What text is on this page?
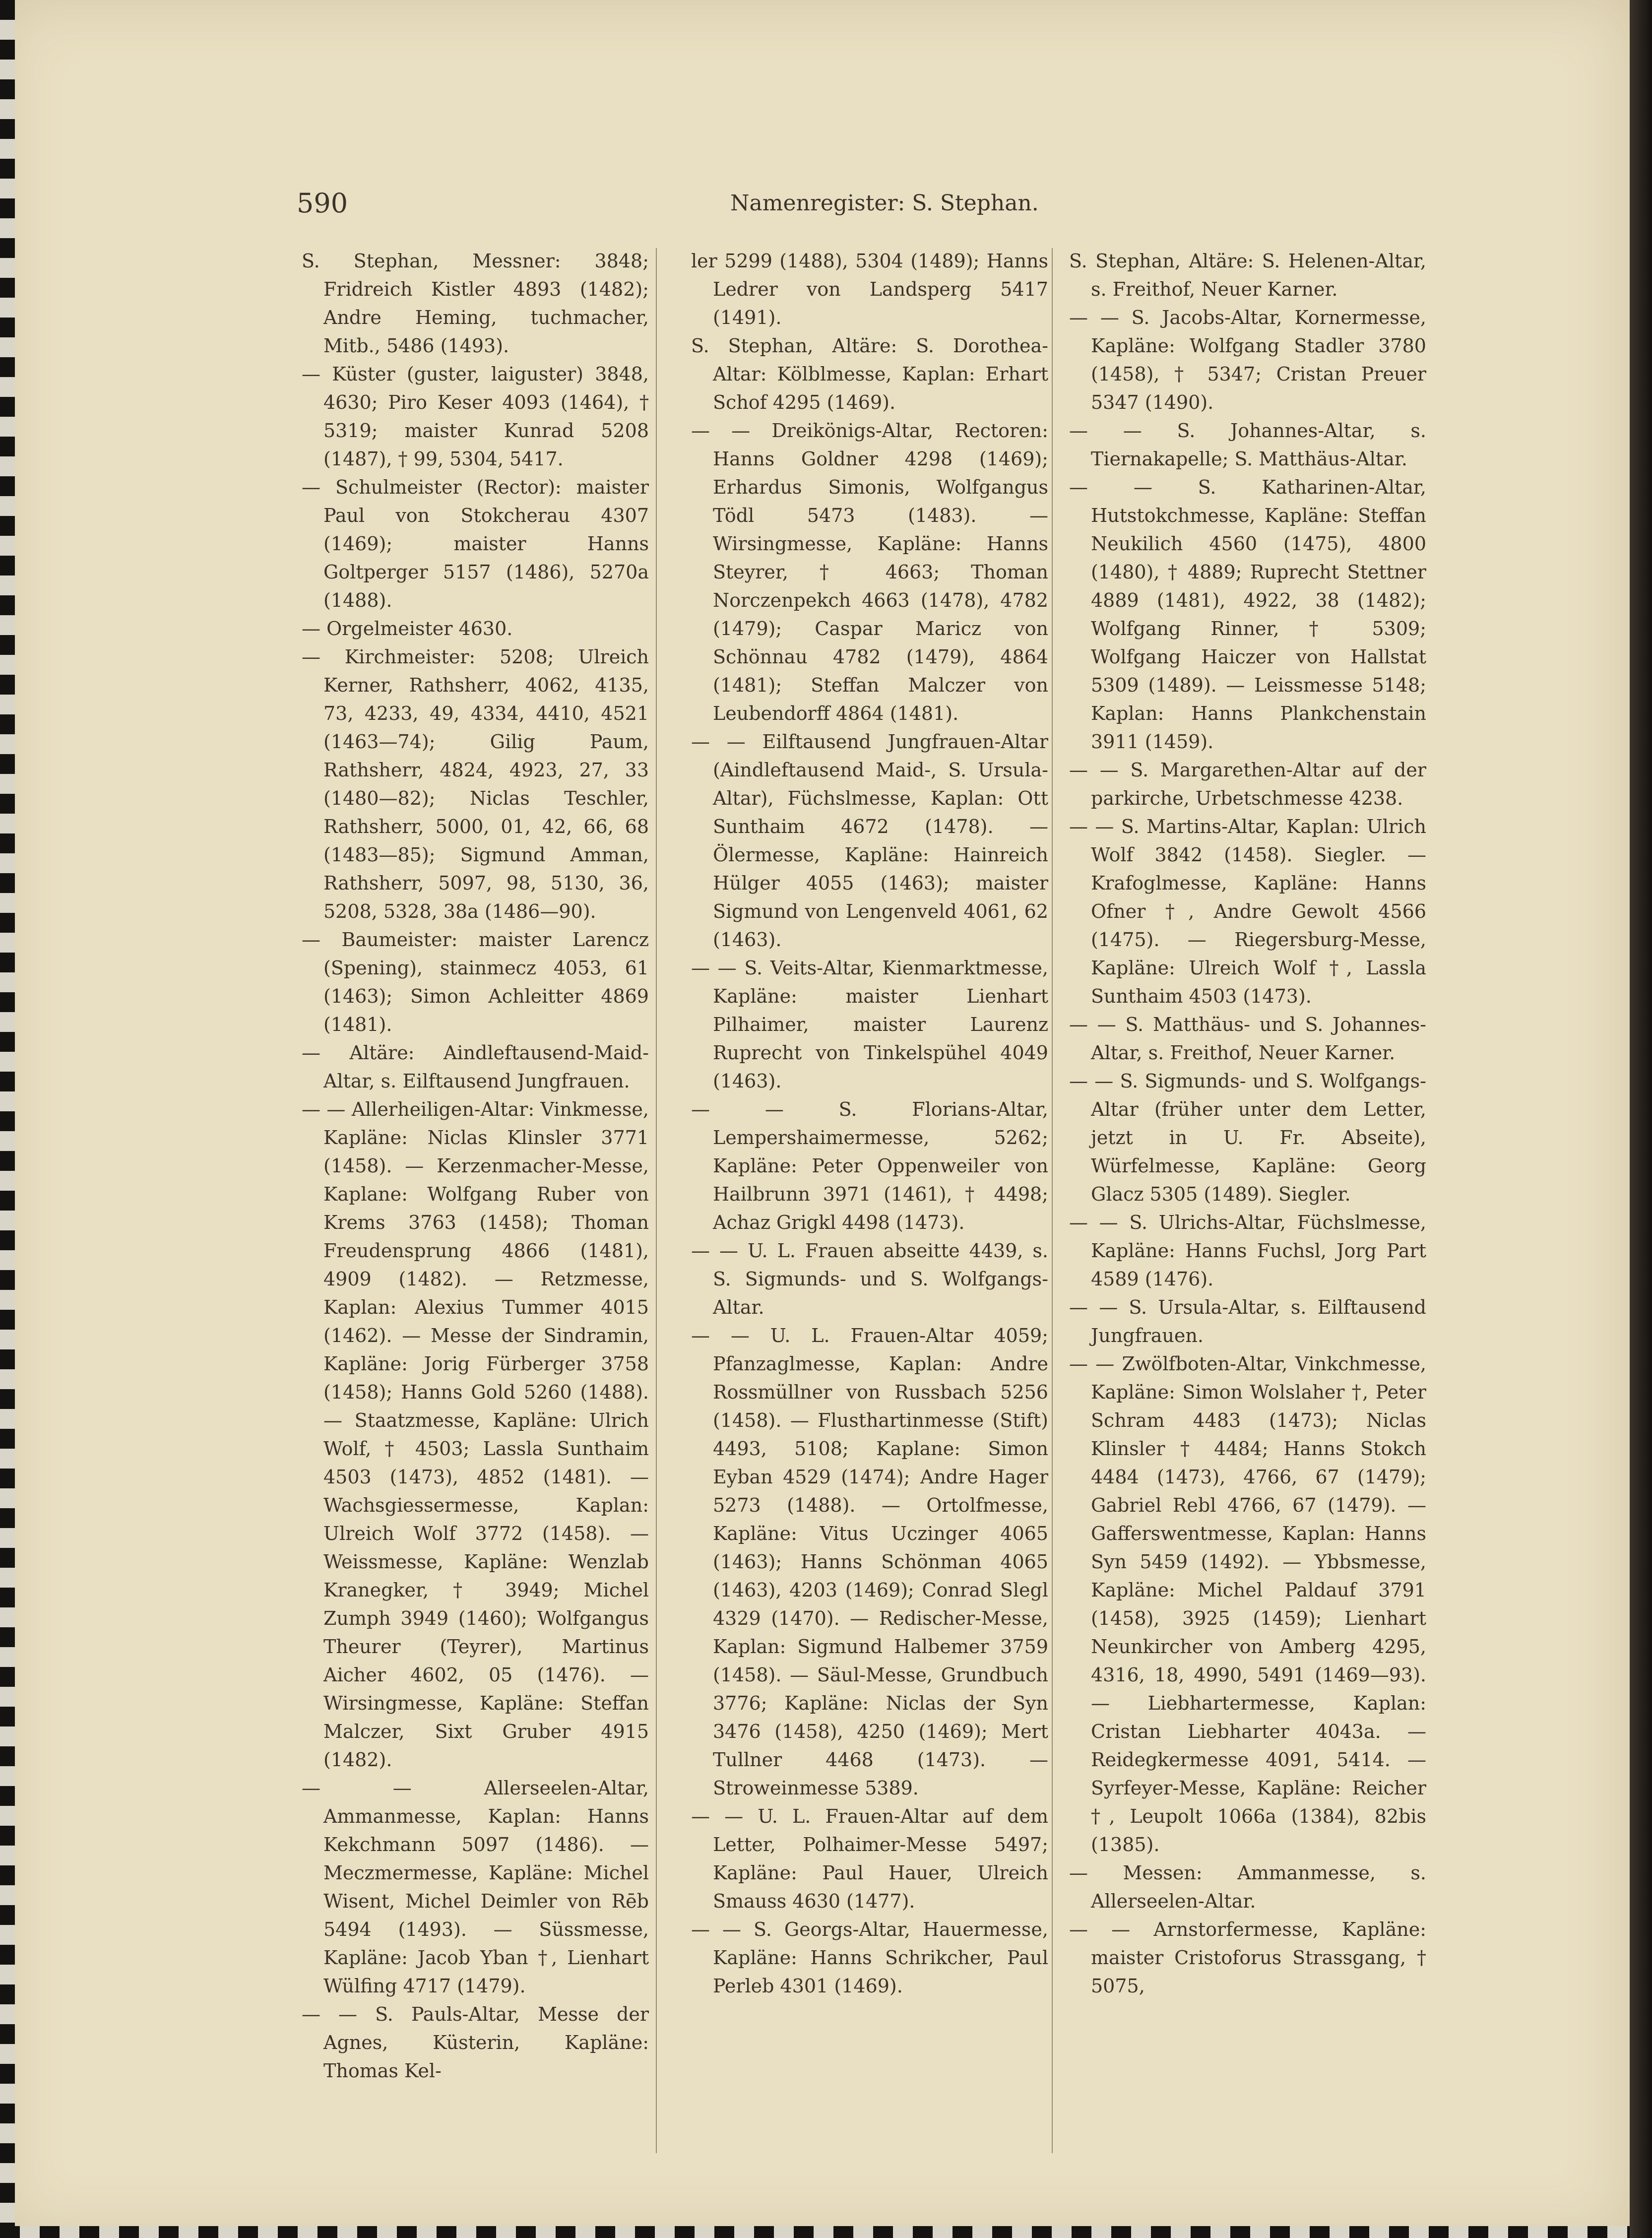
590	Namenregister: S. Stephan.

S. Stephan, Messner: 3848; Fridreich Kistler 4893 (1482); Andre Heming, tuchmacher, Mitb., 5486 (1493).

— Küster (guster, laiguster) 3848, 4630; Piro Keser 4093 (1464), † 5319; maister Kunrad 5208 (1487), † 99, 5304, 5417.

— Schulmeister (Rector): maister Paul von Stokcherau 4307 (1469); maister Hanns Goltperger 5157 (1486), 5270a (1488).

— Orgelmeister 4630.

— Kirchmeister: 5208; Ulreich Kerner, Rathsherr, 4062, 4135, 73, 4233, 49, 4334, 4410, 4521 (1463—74); Gilig Paum, Rathsherr, 4824, 4923, 27, 33 (1480—82); Niclas Teschler, Rathsherr, 5000, 01, 42, 66, 68 (1483—85); Sigmund Amman, Rathsherr, 5097, 98, 5130, 36, 5208, 5328, 38a (1486—90).

— Baumeister: maister Larencz (Spening), stainmecz 4053, 61 (1463); Simon Achleitter 4869 (1481).

— Altäre: Aindleftausend-Maid-Altar, s. Eilftausend Jungfrauen.

— — Allerheiligen-Altar: Vinkmesse, Kapläne: Niclas Klinsler 3771 (1458). — Kerzenmacher-Messe, Kaplane: Wolfgang Ruber von Krems 3763 (1458); Thoman Freudensprung 4866 (1481), 4909 (1482). — Retzmesse, Kaplan: Alexius Tummer 4015 (1462). — Messe der Sindramin, Kapläne: Jorig Fürberger 3758 (1458); Hanns Gold 5260 (1488). — Staatzmesse, Kapläne: Ulrich Wolf, † 4503; Lassla Sunthaim 4503 (1473), 4852 (1481). — Wachsgiessermesse, Kaplan: Ulreich Wolf 3772 (1458). — Weissmesse, Kapläne: Wenzlab Kranegker, † 3949; Michel Zumph 3949 (1460); Wolfgangus Theurer (Teyrer), Martinus Aicher 4602, 05 (1476). — Wirsingmesse, Kapläne: Steffan Malczer, Sixt Gruber 4915 (1482).

— — Allerseelen-Altar, Ammanmesse, Kaplan: Hanns Kekchmann 5097 (1486). — Meczmermesse, Kapläne: Michel Wisent, Michel Deimler von Rēb 5494 (1493). — Süssmesse, Kapläne: Jacob Yban †, Lienhart Wülfing 4717 (1479).

— — S. Pauls-Altar, Messe der Agnes, Küsterin, Kapläne: Thomas Kel-

ler 5299 (1488), 5304 (1489); Hanns Ledrer von Landsperg 5417 (1491).

S. Stephan, Altäre: S. Dorothea-Altar: Kölblmesse, Kaplan: Erhart Schof 4295 (1469).

— — Dreikönigs-Altar, Rectoren: Hanns Goldner 4298 (1469); Erhardus Simonis, Wolfgangus Tödl 5473 (1483). — Wirsingmesse, Kapläne: Hanns Steyrer, † 4663; Thoman Norczenpekch 4663 (1478), 4782 (1479); Caspar Maricz von Schönnau 4782 (1479), 4864 (1481); Steffan Malczer von Leubendorff 4864 (1481).

— — Eilftausend Jungfrauen-Altar (Aindleftausend Maid-, S. Ursula-Altar), Füchslmesse, Kaplan: Ott Sunthaim 4672 (1478). — Ölermesse, Kapläne: Hainreich Hülger 4055 (1463); maister Sigmund von Lengenveld 4061, 62 (1463).

— — S. Veits-Altar, Kienmarktmesse, Kapläne: maister Lienhart Pilhaimer, maister Laurenz Ruprecht von Tinkelspühel 4049 (1463).

— — S. Florians-Altar, Lempershaimermesse, 5262; Kapläne: Peter Oppenweiler von Hailbrunn 3971 (1461), † 4498; Achaz Grigkl 4498 (1473).

— — U. L. Frauen abseitte 4439, s. S. Sigmunds- und S. Wolfgangs-Altar.

— — U. L. Frauen-Altar 4059; Pfanzaglmesse, Kaplan: Andre Rossmüllner von Russbach 5256 (1458). — Flusthartinmesse (Stift) 4493, 5108; Kaplane: Simon Eyban 4529 (1474); Andre Hager 5273 (1488). — Ortolfmesse, Kapläne: Vitus Uczinger 4065 (1463); Hanns Schönman 4065 (1463), 4203 (1469); Conrad Slegl 4329 (1470). — Redischer-Messe, Kaplan: Sigmund Halbemer 3759 (1458). — Säul-Messe, Grundbuch 3776; Kapläne: Niclas der Syn 3476 (1458), 4250 (1469); Mert Tullner 4468 (1473). — Stroweinmesse 5389.

— — U. L. Frauen-Altar auf dem Letter, Polhaimer-Messe 5497; Kapläne: Paul Hauer, Ulreich Smauss 4630 (1477).

— — S. Georgs-Altar, Hauermesse, Kapläne: Hanns Schrikcher, Paul Perleb 4301 (1469).

S. Stephan, Altäre: S. Helenen-Altar, s. Freithof, Neuer Karner.

— — S. Jacobs-Altar, Kornermesse, Kapläne: Wolfgang Stadler 3780 (1458), † 5347; Cristan Preuer 5347 (1490).

— — S. Johannes-Altar, s. Tiernakapelle; S. Matthäus-Altar.

— — S. Katharinen-Altar, Hutstokchmesse, Kapläne: Steffan Neukilich 4560 (1475), 4800 (1480), † 4889; Ruprecht Stettner 4889 (1481), 4922, 38 (1482); Wolfgang Rinner, † 5309; Wolfgang Haiczer von Hallstat 5309 (1489). — Leissmesse 5148; Kaplan: Hanns Plankchenstain 3911 (1459).

— — S. Margarethen-Altar auf der parkirche, Urbetschmesse 4238.

— — S. Martins-Altar, Kaplan: Ulrich Wolf 3842 (1458). Siegler. — Krafoglmesse, Kapläne: Hanns Ofner †, Andre Gewolt 4566 (1475). — Riegersburg-Messe, Kapläne: Ulreich Wolf †, Lassla Sunthaim 4503 (1473).

— — S. Matthäus- und S. Johannes-Altar, s. Freithof, Neuer Karner.

— — S. Sigmunds- und S. Wolfgangs-Altar (früher unter dem Letter, jetzt in U. Fr. Abseite), Würfelmesse, Kapläne: Georg Glacz 5305 (1489). Siegler.

— — S. Ulrichs-Altar, Füchslmesse, Kapläne: Hanns Fuchsl, Jorg Part 4589 (1476).

— — S. Ursula-Altar, s. Eilftausend Jungfrauen.

— — Zwölfboten-Altar, Vinkchmesse, Kapläne: Simon Wolslaher †, Peter Schram 4483 (1473); Niclas Klinsler † 4484; Hanns Stokch 4484 (1473), 4766, 67 (1479); Gabriel Rebl 4766, 67 (1479). — Gafferswentmesse, Kaplan: Hanns Syn 5459 (1492). — Ybbsmesse, Kapläne: Michel Paldauf 3791 (1458), 3925 (1459); Lienhart Neunkircher von Amberg 4295, 4316, 18, 4990, 5491 (1469—93). — Liebhartermesse, Kaplan: Cristan Liebharter 4043a. — Reidegkermesse 4091, 5414. — Syrfeyer-Messe, Kapläne: Reicher †, Leupolt 1066a (1384), 82bis (1385).

— Messen: Ammanmesse, s. Allerseelen-Altar.

— — Arnstorfermesse, Kapläne: maister Cristoforus Strassgang, † 5075,
